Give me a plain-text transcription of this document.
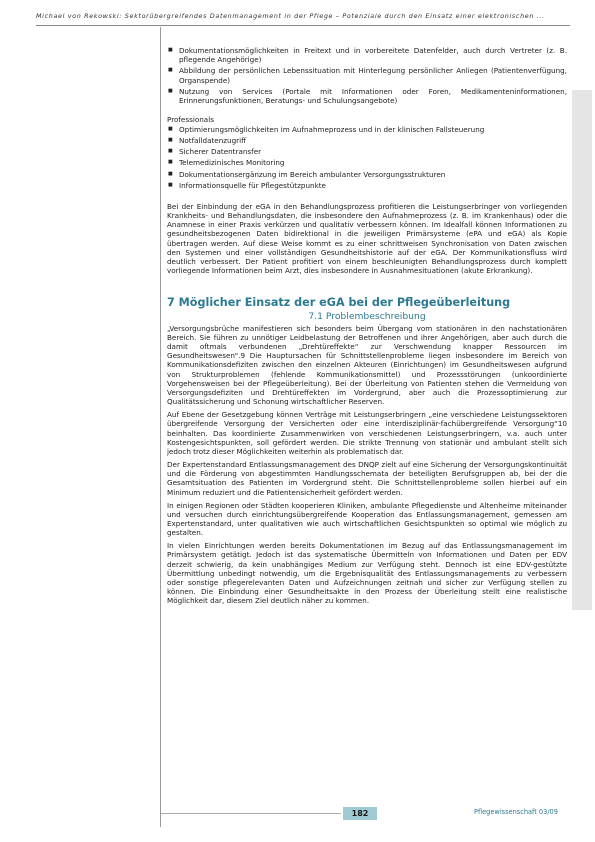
Michael von Rekowski: Sektorübergreifendes Datenmanagement in der Pflege – Potenziale durch den Einsatz einer elektronischen ...
■ Dokumentationsmöglichkeiten in Freitext und in vorbereitete Datenfelder, auch durch Vertreter (z. B. pflegende Angehörige)
■ Abbildung der persönlichen Lebenssituation mit Hinterlegung persönlicher Anliegen (Patientenverfügung, Organspende)
■ Nutzung von Services (Portale mit Informationen oder Foren, Medikamenteninformationen, Erinnerungsfunktionen, Beratungs- und Schulungsangebote)
Professionals
■ Optimierungsmöglichkeiten im Aufnahmeprozess und in der klinischen Fallsteuerung
■ Notfalldatenzugriff
■ Sicherer Datentransfer
■ Telemedizinisches Monitoring
■ Dokumentationsergänzung im Bereich ambulanter Versorgungsstrukturen
■ Informationsquelle für Pflegestützpunkte

Bei der Einbindung der eGA in den Behandlungsprozess profitieren die Leistungserbringer von vorliegenden Krankheits- und Behandlungsdaten, die insbesondere den Aufnahmeprozess (z. B. im Krankenhaus) oder die Anamnese in einer Praxis verkürzen und qualitativ verbessern können. Im Idealfall können Informationen zu gesundheitsbezogenen Daten bidirektional in die jeweiligen Primärsysteme (ePA und eGA) als Kopie übertragen werden. Auf diese Weise kommt es zu einer schrittweisen Synchronisation von Daten zwischen den Systemen und einer vollständigen Gesundheitshistorie auf der eGA. Der Kommunikationsfluss wird deutlich verbessert. Der Patient profitiert von einem beschleunigten Behandlungsprozess durch komplett vorliegende Informationen beim Arzt, dies insbesondere in Ausnahmesituationen (akute Erkrankung).

7 Möglicher Einsatz der eGA bei der Pflegeüberleitung
7.1 Problembeschreibung

„Versorgungsbrüche manifestieren sich besonders beim Übergang vom stationären in den nachstationären Bereich. Sie führen zu unnötiger Leidbelastung der Betroffenen und ihrer Angehörigen, aber auch durch die damit oftmals verbundenen „Drehtüreffekte“ zur Verschwendung knapper Ressourcen im Gesundheitswesen“.9 Die Hauptursachen für Schnittstellenprobleme liegen insbesondere im Bereich von Kommunikationsdefiziten zwischen den einzelnen Akteuren (Einrichtungen) im Gesundheitswesen aufgrund von Strukturproblemen (fehlende Kommunikationsmittel) und Prozessstörungen (unkoordinierte Vorgehensweisen bei der Pflegeüberleitung). Bei der Überleitung von Patienten stehen die Vermeidung von Versorgungsdefiziten und Drehtüreffekten im Vordergrund, aber auch die Prozessoptimierung zur Qualitätssicherung und Schonung wirtschaftlicher Reserven.

Auf Ebene der Gesetzgebung können Verträge mit Leistungserbringern „eine verschiedene Leistungssektoren übergreifende Versorgung der Versicherten oder eine interdisziplinär-fachübergreifende Versorgung“10 beinhalten. Das koordinierte Zusammenwirken von verschiedenen Leistungserbringern, v.a. auch unter Kostengesichtspunkten, soll gefördert werden. Die strikte Trennung von stationär und ambulant stellt sich jedoch trotz dieser Möglichkeiten weiterhin als problematisch dar.

Der Expertenstandard Entlassungsmanagement des DNQP zielt auf eine Sicherung der Versorgungskontinuität und die Förderung von abgestimmten Handlungsschemata der beteiligten Berufsgruppen ab, bei der die Gesamtsituation des Patienten im Vordergrund steht. Die Schnittstellenprobleme sollen hierbei auf ein Minimum reduziert und die Patientensicherheit gefördert werden.

In einigen Regionen oder Städten kooperieren Kliniken, ambulante Pflegedienste und Altenheime miteinander und versuchen durch einrichtungsübergreifende Kooperation das Entlassungsmanagement, gemessen am Expertenstandard, unter qualitativen wie auch wirtschaftlichen Gesichtspunkten so optimal wie möglich zu gestalten.

In vielen Einrichtungen werden bereits Dokumentationen im Bezug auf das Entlassungsmanagement im Primärsystem getätigt. Jedoch ist das systematische Übermitteln von Informationen und Daten per EDV derzeit schwierig, da kein unabhängiges Medium zur Verfügung steht. Dennoch ist eine EDV-gestützte Übermittlung unbedingt notwendig, um die Ergebnisqualität des Entlassungsmanagements zu verbessern oder sonstige pflegerelevanten Daten und Aufzeichnungen zeitnah und sicher zur Verfügung stellen zu können. Die Einbindung einer Gesundheitsakte in den Prozess der Überleitung stellt eine realistische Möglichkeit dar, diesem Ziel deutlich näher zu kommen.

182	Pflegewissenschaft 03/09
